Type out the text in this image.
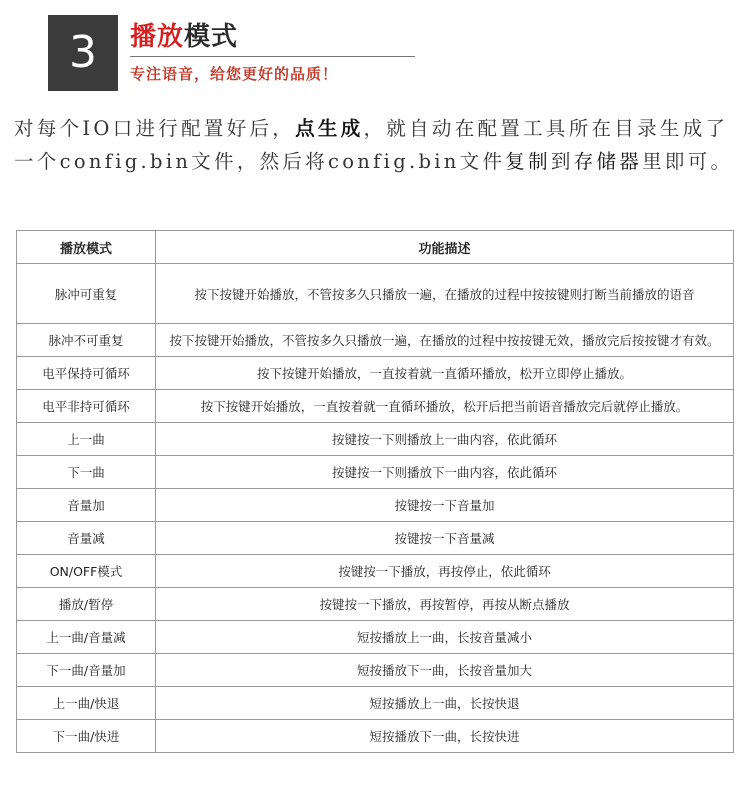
3	播放模式
专注语音，给您更好的品质！
对每个IO口进行配置好后，点生成，就自动在配置工具所在目录生成了一个config.bin文件，然后将config.bin文件复制到存储器里即可。
播放模式	功能描述
脉冲可重复	按下按键开始播放，不管按多久只播放一遍，在播放的过程中按按键则打断当前播放的语音
脉冲不可重复	按下按键开始播放，不管按多久只播放一遍，在播放的过程中按按键无效，播放完后按按键才有效。
电平保持可循环	按下按键开始播放，一直按着就一直循环播放，松开立即停止播放。
电平非持可循环	按下按键开始播放，一直按着就一直循环播放，松开后把当前语音播放完后就停止播放。
上一曲	按键按一下则播放上一曲内容，依此循环
下一曲	按键按一下则播放下一曲内容，依此循环
音量加	按键按一下音量加
音量减	按键按一下音量减
ON/OFF模式	按键按一下播放，再按停止，依此循环
播放/暂停	按键按一下播放，再按暂停，再按从断点播放
上一曲/音量减	短按播放上一曲，长按音量减小
下一曲/音量加	短按播放下一曲，长按音量加大
上一曲/快退	短按播放上一曲，长按快退
下一曲/快进	短按播放下一曲，长按快进
